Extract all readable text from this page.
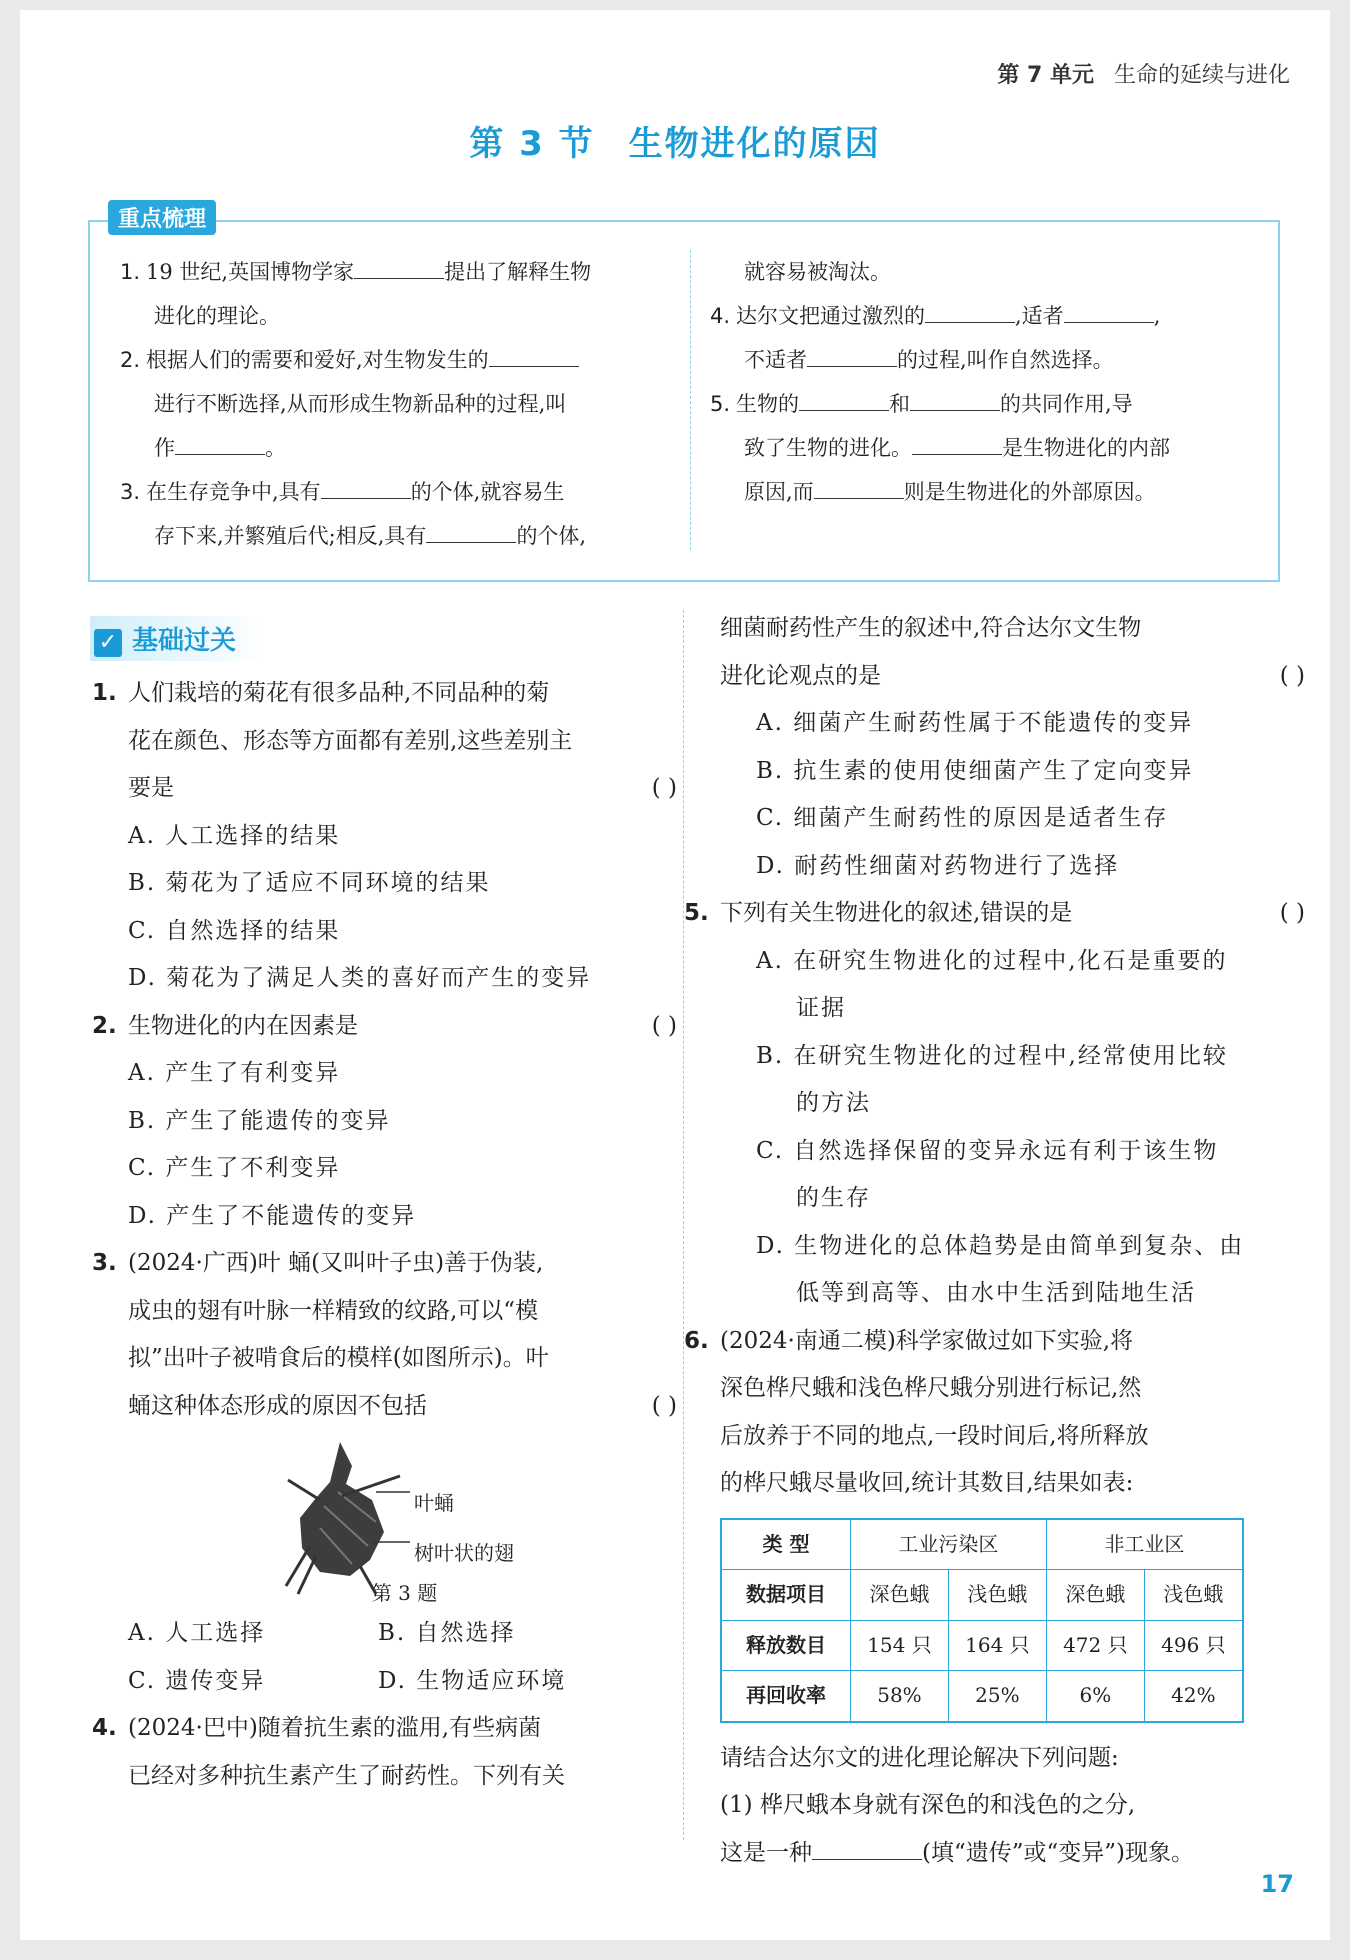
第 7 单元 生命的延续与进化
第 3 节 生物进化的原因
重点梳理
1. 19 世纪,英国博物学家	提出了解释生物
进化的理论。
2. 根据人们的需要和爱好,对生物发生的
进行不断选择,从而形成生物新品种的过程,叫
作	。
3. 在生存竞争中,具有	的个体,就容易生
存下来,并繁殖后代;相反,具有	的个体,
就容易被淘汰。
4. 达尔文把通过激烈的	,适者	,
不适者	的过程,叫作自然选择。
5. 生物的	和	的共同作用,导
致了生物的进化。	是生物进化的内部
原因,而	则是生物进化的外部原因。
✓ 基础过关
1. 人们栽培的菊花有很多品种,不同品种的菊
花在颜色、形态等方面都有差别,这些差别主
要是	( )
A. 人工选择的结果
B. 菊花为了适应不同环境的结果
C. 自然选择的结果
D. 菊花为了满足人类的喜好而产生的变异
2. 生物进化的内在因素是	( )
A. 产生了有利变异
B. 产生了能遗传的变异
C. 产生了不利变异
D. 产生了不能遗传的变异
3. (2024·广西)叶 蛹(又叫叶子虫)善于伪装,
成虫的翅有叶脉一样精致的纹路,可以“模
拟”出叶子被啃食后的模样(如图所示)。叶
蛹这种体态形成的原因不包括	( )
叶蛹
树叶状的翅
第 3 题
A. 人工选择	B. 自然选择
C. 遗传变异	D. 生物适应环境
4. (2024·巴中)随着抗生素的滥用,有些病菌
已经对多种抗生素产生了耐药性。下列有关
细菌耐药性产生的叙述中,符合达尔文生物
进化论观点的是	( )
A. 细菌产生耐药性属于不能遗传的变异
B. 抗生素的使用使细菌产生了定向变异
C. 细菌产生耐药性的原因是适者生存
D. 耐药性细菌对药物进行了选择
5. 下列有关生物进化的叙述,错误的是	( )
A. 在研究生物进化的过程中,化石是重要的
证据
B. 在研究生物进化的过程中,经常使用比较
的方法
C. 自然选择保留的变异永远有利于该生物
的生存
D. 生物进化的总体趋势是由简单到复杂、由
低等到高等、由水中生活到陆地生活
6. (2024·南通二模)科学家做过如下实验,将
深色桦尺蛾和浅色桦尺蛾分别进行标记,然
后放养于不同的地点,一段时间后,将所释放
的桦尺蛾尽量收回,统计其数目,结果如表:
类 型	工业污染区		非工业区	
数据项目	深色蛾	浅色蛾	深色蛾	浅色蛾
释放数目	154 只	164 只	472 只	496 只
再回收率	58%	25%	6%	42%
请结合达尔文的进化理论解决下列问题:
(1) 桦尺蛾本身就有深色的和浅色的之分,
这是一种	(填“遗传”或“变异”)现象。
17
